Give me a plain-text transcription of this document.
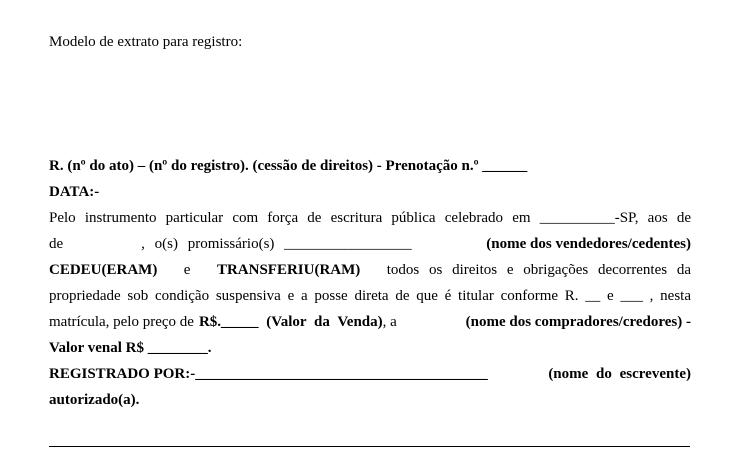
Modelo de extrato para registro:
R. (nº do ato) – (nº do registro). (cessão de direitos) - Prenotação n.º ______
DATA:-
Pelo instrumento particular com força de escritura pública celebrado em __________-SP, aos de
de	, o(s) promissário(s) _________________	(nome dos vendedores/cedentes)
CEDEU(ERAM) e TRANSFERIU(RAM) todos os direitos e obrigações decorrentes da
propriedade sob condição suspensiva e a posse direta de que é titular conforme R. __ e ___ , nesta
matrícula, pelo preço de R$._____ (Valor da Venda) , a	(nome dos compradores/credores) -
Valor venal R$ ________.
REGISTRADO POR:-_______________________________________	(nome do escrevente)
autorizado(a).
